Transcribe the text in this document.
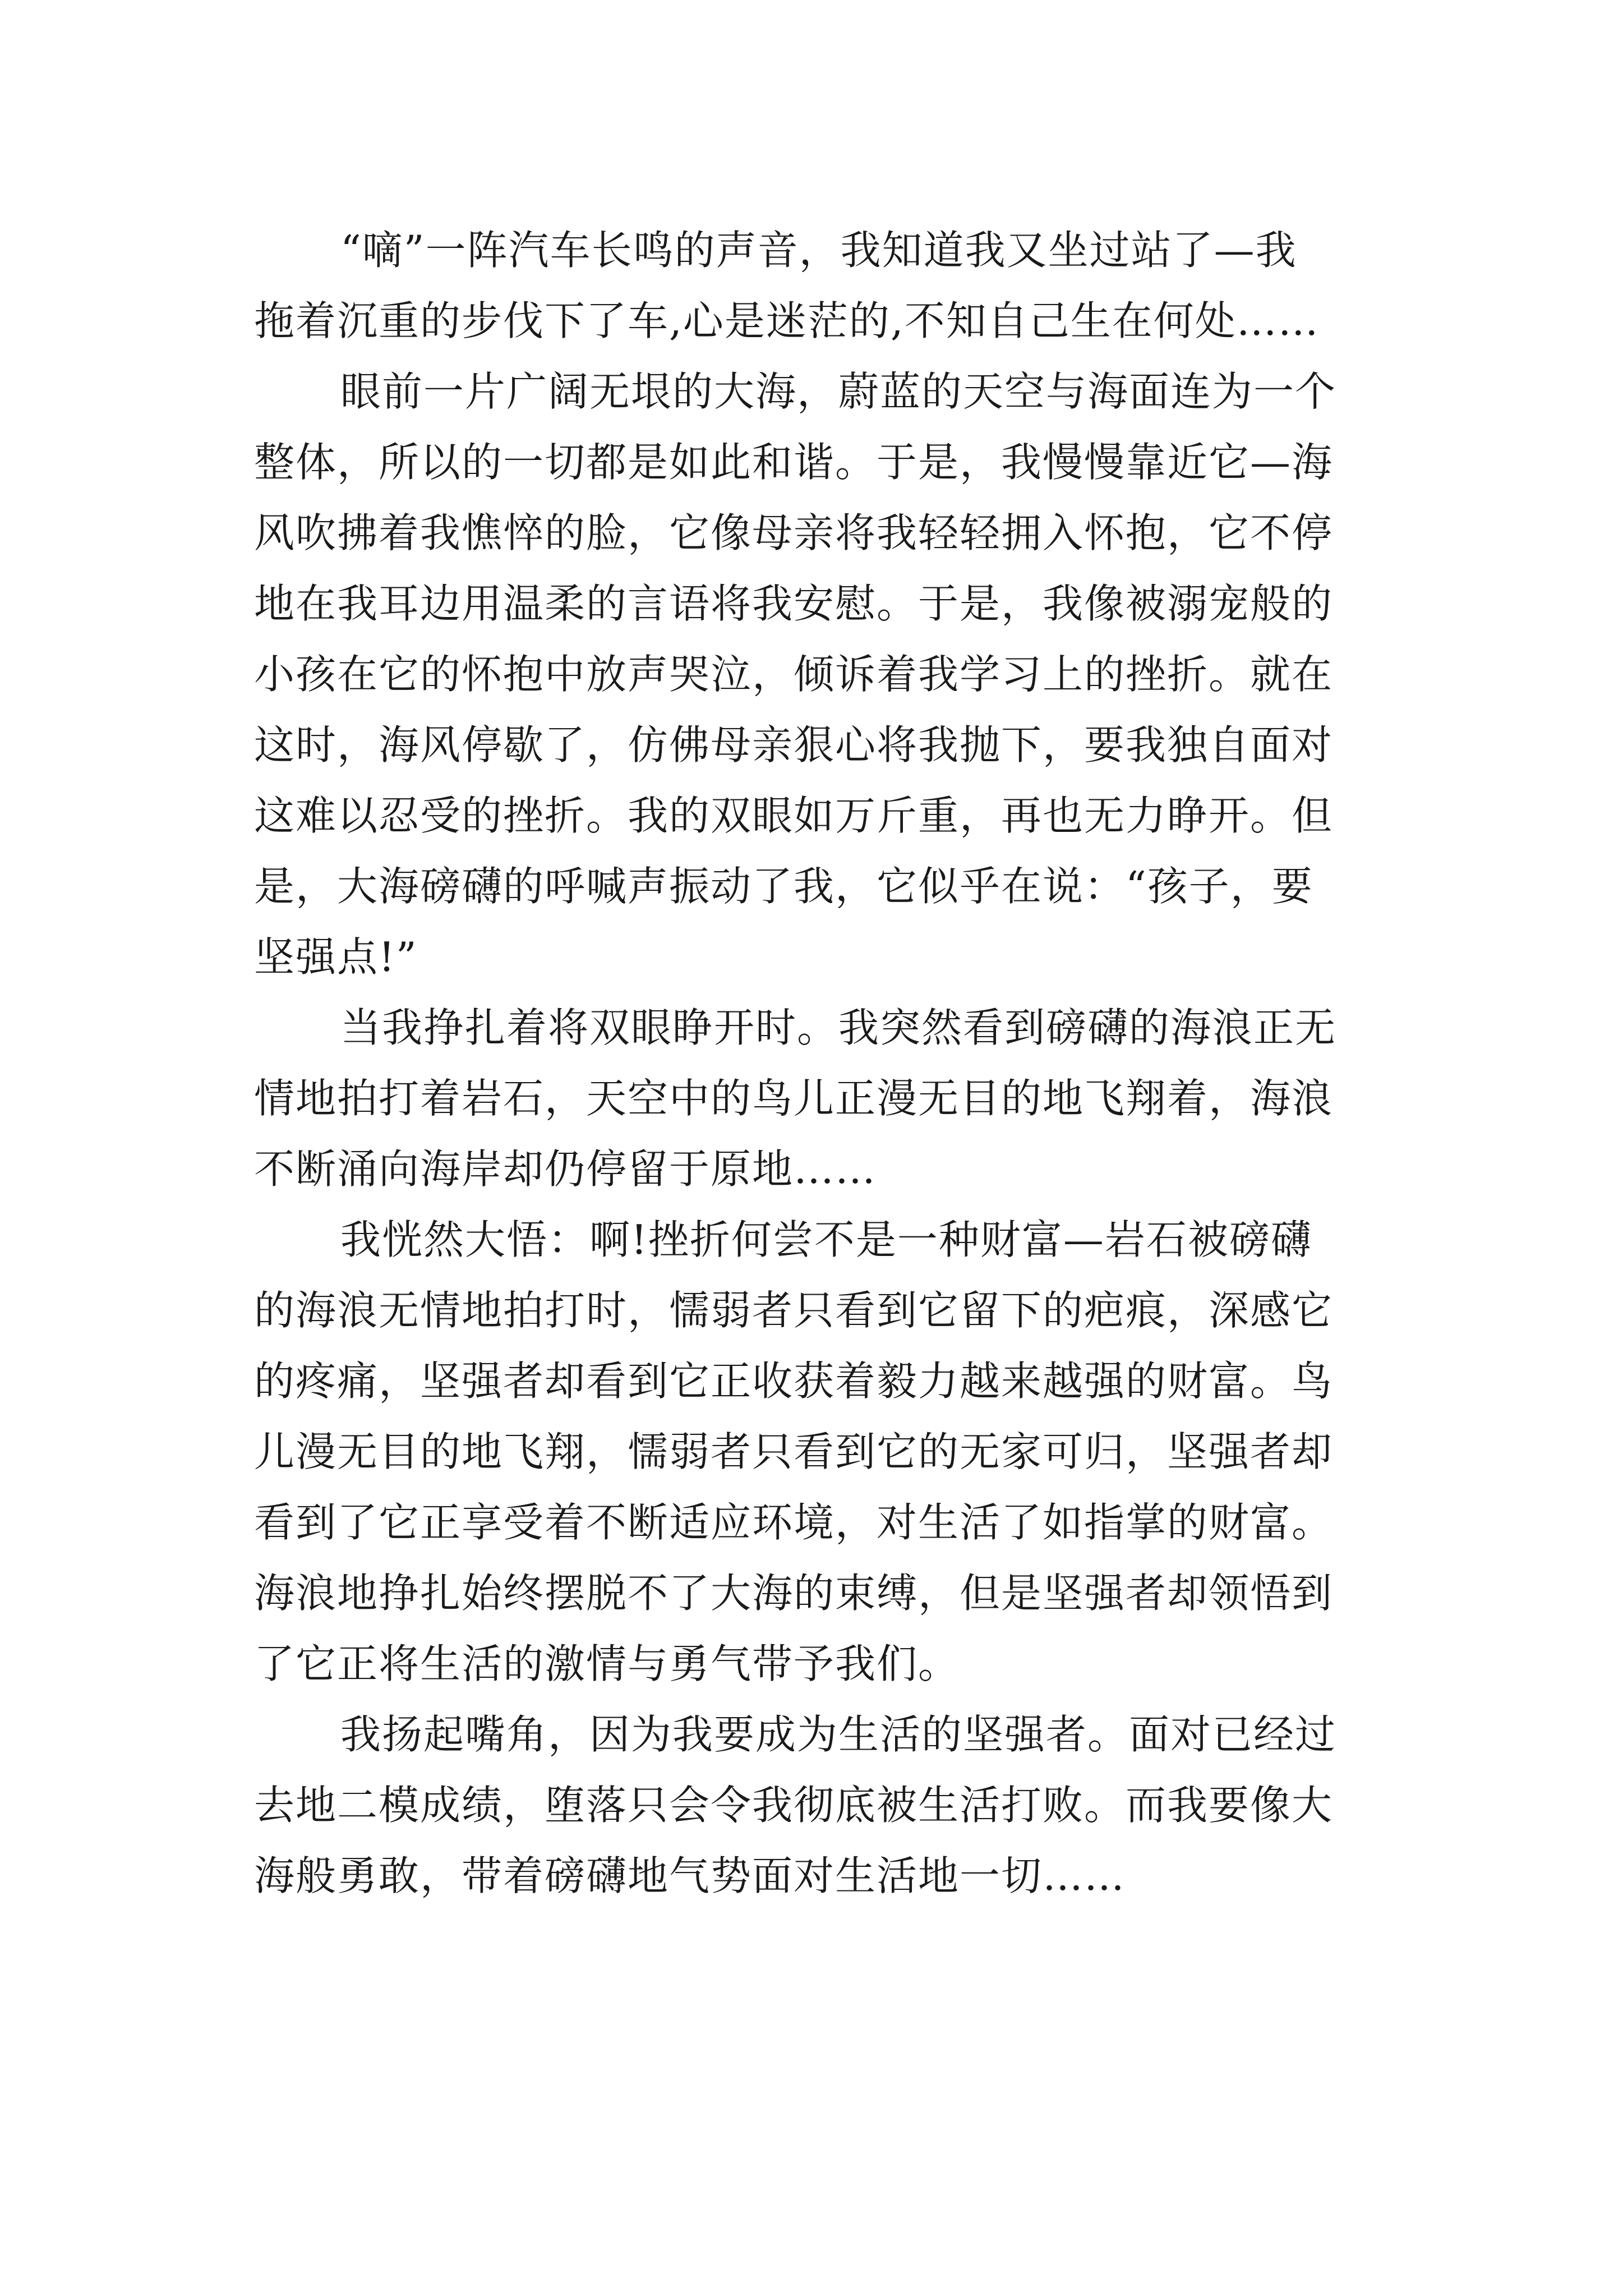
“嘀”一阵汽车长鸣的声音，我知道我又坐过站了—我
拖着沉重的步伐下了车,心是迷茫的,不知自己生在何处……
眼前一片广阔无垠的大海，蔚蓝的天空与海面连为一个
整体，所以的一切都是如此和谐。于是，我慢慢靠近它—海
风吹拂着我憔悴的脸，它像母亲将我轻轻拥入怀抱，它不停
地在我耳边用温柔的言语将我安慰。于是，我像被溺宠般的
小孩在它的怀抱中放声哭泣，倾诉着我学习上的挫折。就在
这时，海风停歇了，仿佛母亲狠心将我抛下，要我独自面对
这难以忍受的挫折。我的双眼如万斤重，再也无力睁开。但
是，大海磅礴的呼喊声振动了我，它似乎在说：“孩子，要
坚强点!”
当我挣扎着将双眼睁开时。我突然看到磅礴的海浪正无
情地拍打着岩石，天空中的鸟儿正漫无目的地飞翔着，海浪
不断涌向海岸却仍停留于原地……
我恍然大悟：啊!挫折何尝不是一种财富—岩石被磅礴
的海浪无情地拍打时，懦弱者只看到它留下的疤痕，深感它
的疼痛，坚强者却看到它正收获着毅力越来越强的财富。鸟
儿漫无目的地飞翔，懦弱者只看到它的无家可归，坚强者却
看到了它正享受着不断适应环境，对生活了如指掌的财富。
海浪地挣扎始终摆脱不了大海的束缚，但是坚强者却领悟到
了它正将生活的激情与勇气带予我们。
我扬起嘴角，因为我要成为生活的坚强者。面对已经过
去地二模成绩，堕落只会令我彻底被生活打败。而我要像大
海般勇敢，带着磅礴地气势面对生活地一切……
